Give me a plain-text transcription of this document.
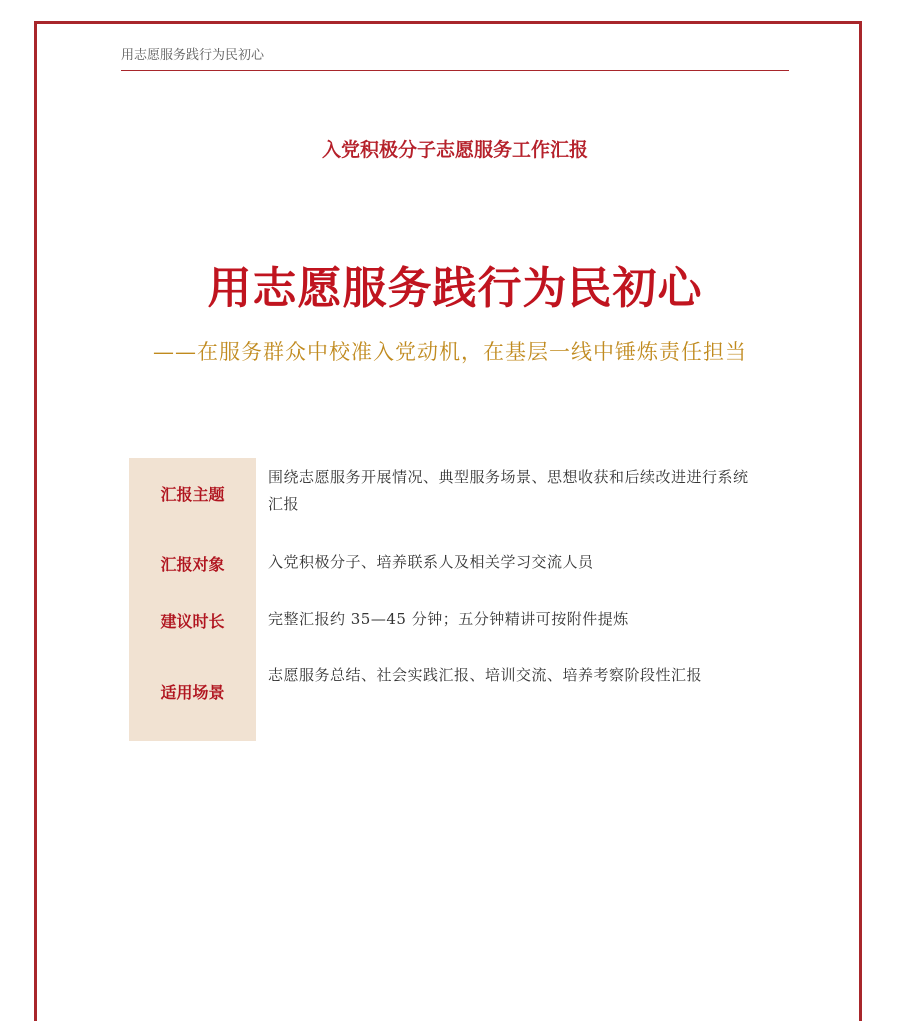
用志愿服务践行为民初心
入党积极分子志愿服务工作汇报
用志愿服务践行为民初心
——在服务群众中校准入党动机，在基层一线中锤炼责任担当
汇报主题
围绕志愿服务开展情况、典型服务场景、思想收获和后续改进进行系统汇报
汇报对象	入党积极分子、培养联系人及相关学习交流人员
建议时长	完整汇报约 35—45 分钟；五分钟精讲可按附件提炼
适用场景
志愿服务总结、社会实践汇报、培训交流、培养考察阶段性汇报
